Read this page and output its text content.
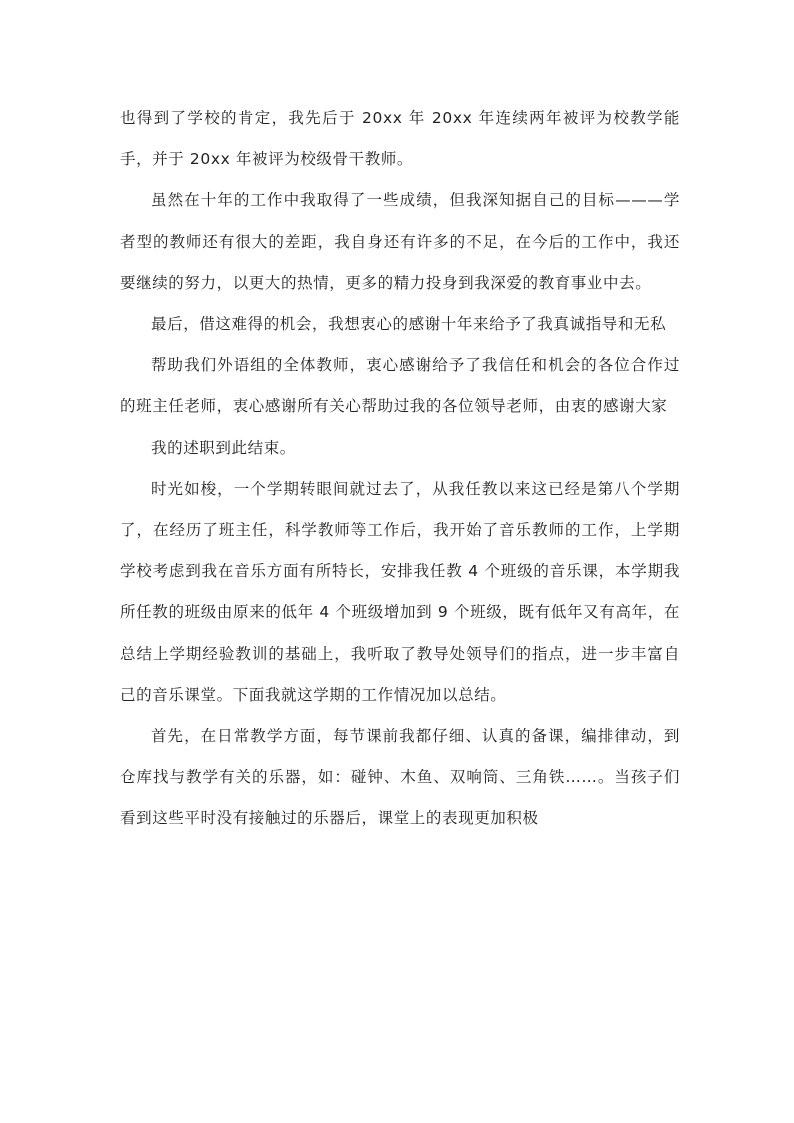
也得到了学校的肯定，我先后于 20xx 年 20xx 年连续两年被评为校教学能手，并于 20xx 年被评为校级骨干教师。

虽然在十年的工作中我取得了一些成绩，但我深知据自己的目标———学者型的教师还有很大的差距，我自身还有许多的不足，在今后的工作中，我还要继续的努力，以更大的热情，更多的精力投身到我深爱的教育事业中去。

最后，借这难得的机会，我想衷心的感谢十年来给予了我真诚指导和无私

帮助我们外语组的全体教师，衷心感谢给予了我信任和机会的各位合作过的班主任老师，衷心感谢所有关心帮助过我的各位领导老师，由衷的感谢大家

我的述职到此结束。

时光如梭，一个学期转眼间就过去了，从我任教以来这已经是第八个学期了，在经历了班主任，科学教师等工作后，我开始了音乐教师的工作，上学期学校考虑到我在音乐方面有所特长，安排我任教 4 个班级的音乐课，本学期我所任教的班级由原来的低年 4 个班级增加到 9 个班级，既有低年又有高年，在总结上学期经验教训的基础上，我听取了教导处领导们的指点，进一步丰富自己的音乐课堂。下面我就这学期的工作情况加以总结。

首先，在日常教学方面，每节课前我都仔细、认真的备课，编排律动，到仓库找与教学有关的乐器，如：碰钟、木鱼、双响筒、三角铁……。当孩子们看到这些平时没有接触过的乐器后，课堂上的表现更加积极
